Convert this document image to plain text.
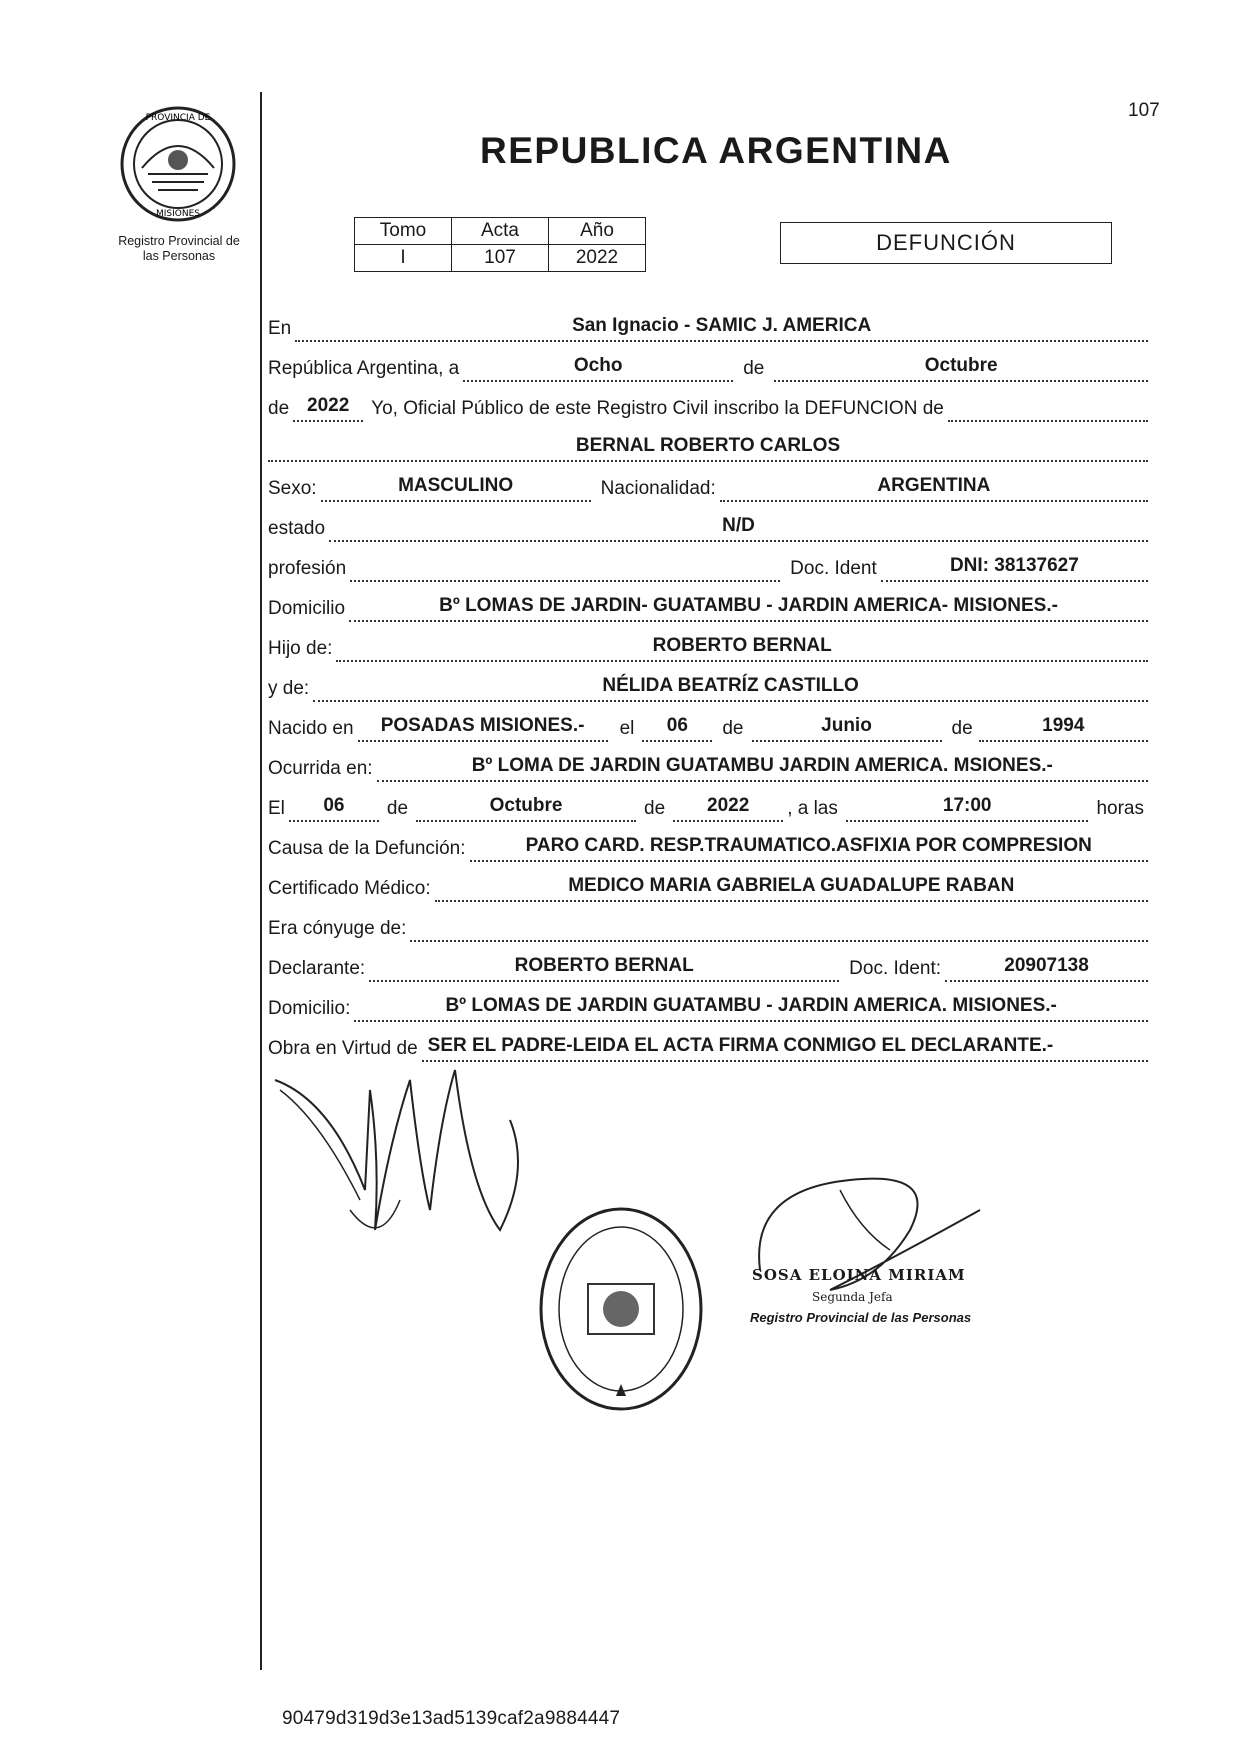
107
PROVINCIA DE
MISIONES
Registro Provincial de
las Personas
REPUBLICA ARGENTINA
Tomo	Acta	Año
I	107	2022
DEFUNCIÓN
En	San Ignacio - SAMIC J. AMERICA
República Argentina, a	Ocho	de	Octubre
de 2022	Yo, Oficial Público de este Registro Civil inscribo la DEFUNCION de
BERNAL ROBERTO CARLOS
Sexo:	MASCULINO	Nacionalidad:	ARGENTINA
estado	N/D
profesión	Doc. Ident	DNI: 38137627
Domicilio	Bº LOMAS DE JARDIN- GUATAMBU - JARDIN AMERICA- MISIONES.-
Hijo de:	ROBERTO BERNAL
y de:	NÉLIDA BEATRÍZ CASTILLO
Nacido en	POSADAS MISIONES.-	el	06	de	Junio	de	1994
Ocurrida en:	Bº LOMA DE JARDIN GUATAMBU JARDIN AMERICA. MSIONES.-
El	06	de	Octubre	de	2022	, a las	17:00	horas
Causa de la Defunción:	PARO CARD. RESP.TRAUMATICO.ASFIXIA POR COMPRESION
Certificado Médico:	MEDICO MARIA GABRIELA GUADALUPE RABAN
Era cónyuge de:
Declarante:	ROBERTO BERNAL	Doc. Ident:	20907138
Domicilio:	Bº LOMAS DE JARDIN GUATAMBU - JARDIN AMERICA. MISIONES.-
Obra en Virtud de SER EL PADRE-LEIDA EL ACTA FIRMA CONMIGO EL DECLARANTE.-
SOSA ELOINA MIRIAM
Segunda Jefa
Registro Provincial de las Personas
90479d319d3e13ad5139caf2a9884447
